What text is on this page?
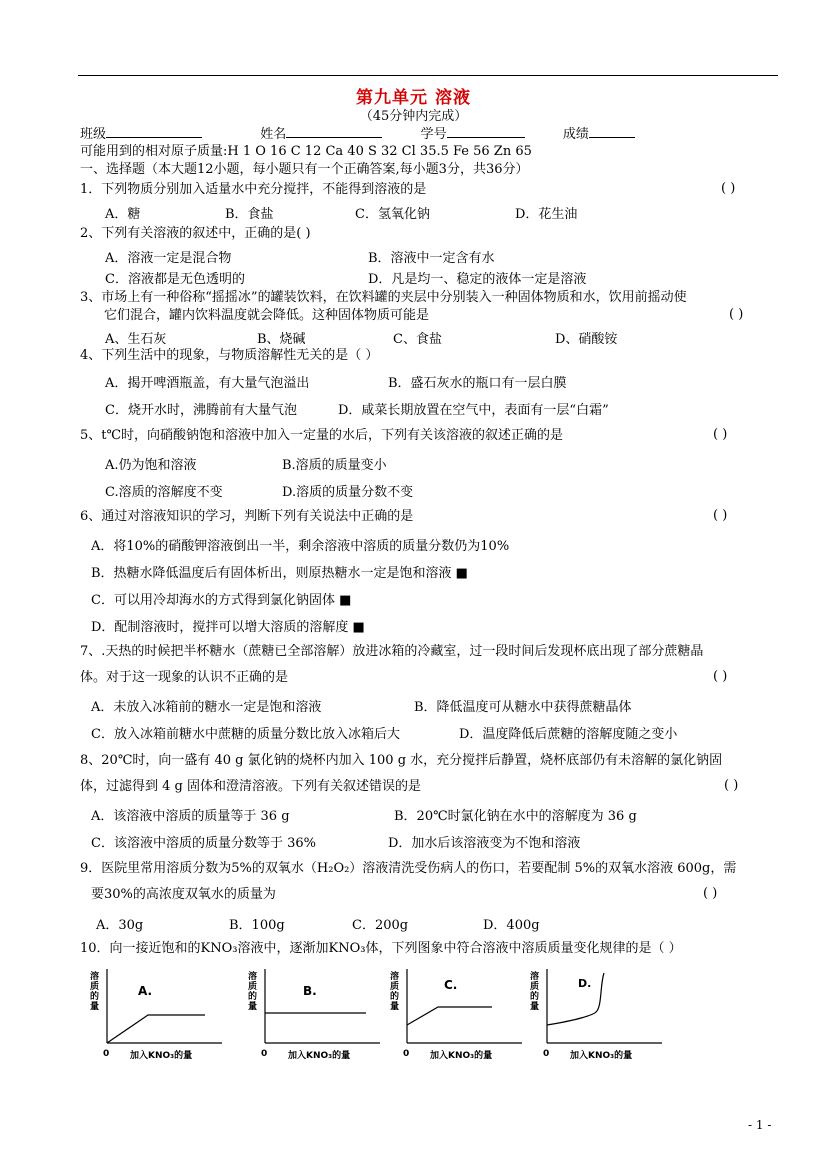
第九单元 溶液
（45分钟内完成）
班级	姓名	学号	成绩
可能用到的相对原子质量:H 1 O 16 C 12 Ca 40 S 32 Cl 35.5 Fe 56 Zn 65
一、选择题（本大题12小题，每小题只有一个正确答案,每小题3分，共36分）
1．下列物质分别加入适量水中充分搅拌，不能得到溶液的是	( )
A．糖	B．食盐	C．氢氧化钠	D．花生油
2、下列有关溶液的叙述中，正确的是( )
A．溶液一定是混合物	B．溶液中一定含有水
C．溶液都是无色透明的	D．凡是均一、稳定的液体一定是溶液
3、市场上有一种俗称“摇摇冰”的罐装饮料，在饮料罐的夹层中分别装入一种固体物质和水，饮用前摇动使
它们混合，罐内饮料温度就会降低。这种固体物质可能是	( )
A、生石灰	B、烧碱	C、食盐	D、硝酸铵
4、下列生活中的现象，与物质溶解性无关的是（ ）
A．揭开啤酒瓶盖，有大量气泡溢出	B．盛石灰水的瓶口有一层白膜
C．烧开水时，沸腾前有大量气泡	D．咸菜长期放置在空气中，表面有一层“白霜”
5、t℃时，向硝酸钠饱和溶液中加入一定量的水后，下列有关该溶液的叙述正确的是	( )
A.仍为饱和溶液	B.溶质的质量变小
C.溶质的溶解度不变	D.溶质的质量分数不变
6、通过对溶液知识的学习，判断下列有关说法中正确的是	( )
A．将10%的硝酸钾溶液倒出一半，剩余溶液中溶质的质量分数仍为10%
B．热糖水降低温度后有固体析出，则原热糖水一定是饱和溶液 ■
C．可以用冷却海水的方式得到氯化钠固体 ■
D．配制溶液时，搅拌可以增大溶质的溶解度 ■
7、.天热的时候把半杯糖水（蔗糖已全部溶解）放进冰箱的冷藏室，过一段时间后发现杯底出现了部分蔗糖晶
体。对于这一现象的认识不正确的是	( )
A．未放入冰箱前的糖水一定是饱和溶液	B．降低温度可从糖水中获得蔗糖晶体
C．放入冰箱前糖水中蔗糖的质量分数比放入冰箱后大	D．温度降低后蔗糖的溶解度随之变小
8、20℃时，向一盛有 40 g 氯化钠的烧杯内加入 100 g 水，充分搅拌后静置，烧杯底部仍有未溶解的氯化钠固
体，过滤得到 4 g 固体和澄清溶液。下列有关叙述错误的是	( )
A．该溶液中溶质的质量等于 36 g	B．20℃时氯化钠在水中的溶解度为 36 g
C．该溶液中溶质的质量分数等于 36%	D．加水后该溶液变为不饱和溶液
9．医院里常用溶质分数为5%的双氧水（H₂O₂）溶液清洗受伤病人的伤口，若要配制 5%的双氧水溶液 600g，需
要30%的高浓度双氧水的质量为	( )
A．30g	B．100g	C．200g	D．400g
10．向一接近饱和的KNO₃溶液中，逐渐加KNO₃体，下列图象中符合溶液中溶质质量变化规律的是（ ）
溶
质
的
量
A.
0 加入KNO₃的量
溶
质
的
量
B.
0 加入KNO₃的量
溶
质
的
量
C.
0 加入KNO₃的量
溶
质
的
量
D.
0 加入KNO₃的量
- 1 -
